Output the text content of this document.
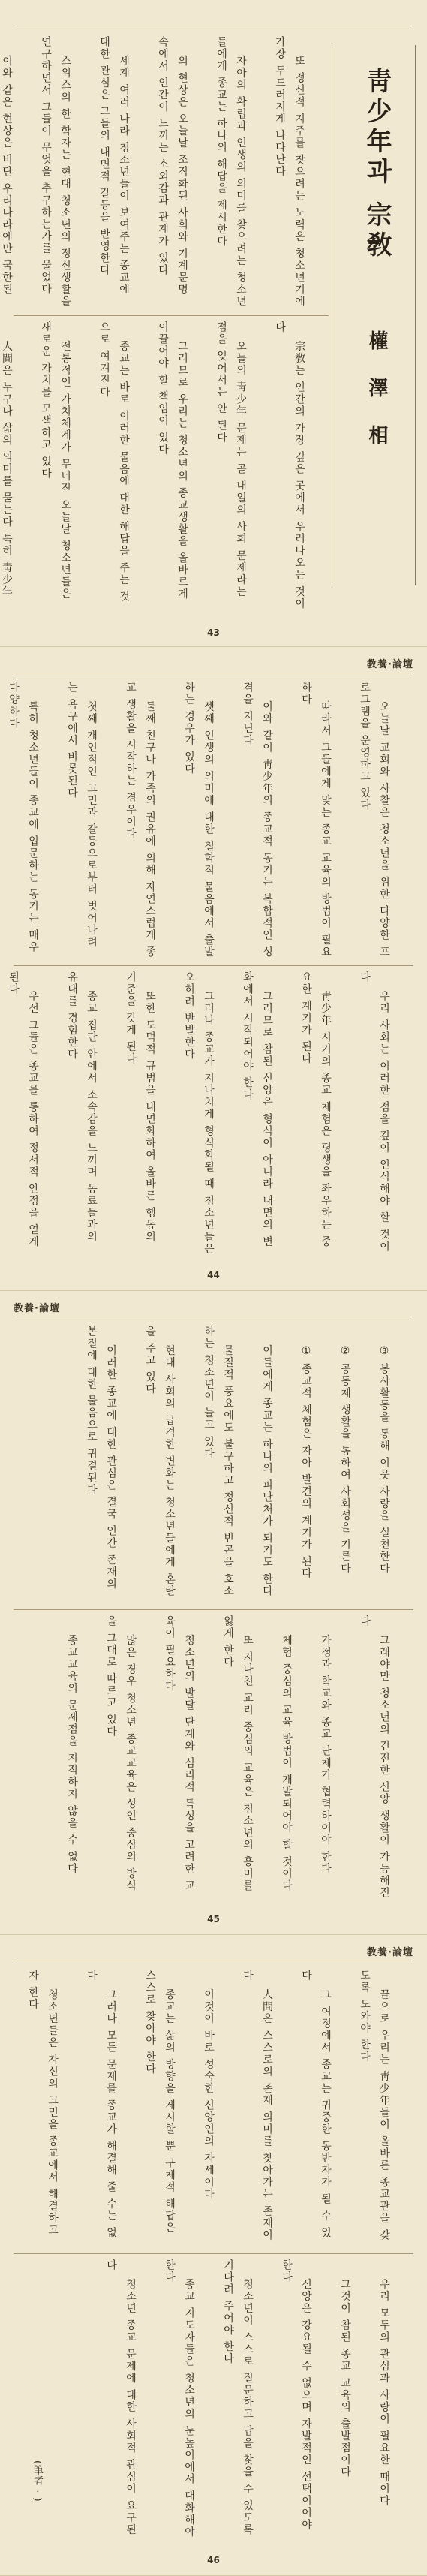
靑少年과 宗敎
權 澤 相

또 정신적 지주를 찾으려는 노력은 청소년기에 가장 두드러지게 나타난다

자아의 확립과 인생의 의미를 찾으려는 청소년들에게 종교는 하나의 해답을 제시한다

의 현상은 오늘날 조직화된 사회와 기계문명 속에서 인간이 느끼는 소외감과 관계가 있다

세계 여러 나라 청소년들이 보여주는 종교에 대한 관심은 그들의 내면적 갈등을 반영한다

스위스의 한 학자는 현대 청소년의 정신생활을 연구하면서 그들이 무엇을 추구하는가를 물었다

이와 같은 현상은 비단 우리나라에만 국한된

宗敎는 인간의 가장 깊은 곳에서 우러나오는 것이다

오늘의 靑少年 문제는 곧 내일의 사회 문제라는 점을 잊어서는 안 된다

그러므로 우리는 청소년의 종교생활을 올바르게 이끌어야 할 책임이 있다

종교는 바로 이러한 물음에 대한 해답을 주는 것으로 여겨진다

전통적인 가치체계가 무너진 오늘날 청소년들은 새로운 가치를 모색하고 있다

人間은 누구나 삶의 의미를 묻는다 특히 靑少年

43
教養·論壇

오늘날 교회와 사찰은 청소년을 위한 다양한 프로그램을 운영하고 있다

따라서 그들에게 맞는 종교 교육의 방법이 필요하다

이와 같이 靑少年의 종교적 동기는 복합적인 성격을 지닌다

셋째 인생의 의미에 대한 철학적 물음에서 출발하는 경우가 있다

둘째 친구나 가족의 권유에 의해 자연스럽게 종교 생활을 시작하는 경우이다

첫째 개인적인 고민과 갈등으로부터 벗어나려는 욕구에서 비롯된다

특히 청소년들이 종교에 입문하는 동기는 매우 다양하다

우리 사회는 이러한 점을 깊이 인식해야 할 것이다

靑少年 시기의 종교 체험은 평생을 좌우하는 중요한 계기가 된다

그러므로 참된 신앙은 형식이 아니라 내면의 변화에서 시작되어야 한다

그러나 종교가 지나치게 형식화될 때 청소년들은 오히려 반발한다

또한 도덕적 규범을 내면화하여 올바른 행동의 기준을 갖게 된다

종교 집단 안에서 소속감을 느끼며 동료들과의 유대를 경험한다

우선 그들은 종교를 통하여 정서적 안정을 얻게 된다

44
教養·論壇

③ 봉사활동을 통해 이웃 사랑을 실천한다

② 공동체 생활을 통하여 사회성을 기른다

① 종교적 체험은 자아 발견의 계기가 된다

이들에게 종교는 하나의 피난처가 되기도 한다

물질적 풍요에도 불구하고 정신적 빈곤을 호소하는 청소년이 늘고 있다

현대 사회의 급격한 변화는 청소년들에게 혼란을 주고 있다

이러한 종교에 대한 관심은 결국 인간 존재의 본질에 대한 물음으로 귀결된다

그래야만 청소년의 건전한 신앙 생활이 가능해진다

가정과 학교와 종교 단체가 협력하여야 한다

체험 중심의 교육 방법이 개발되어야 할 것이다

또 지나친 교리 중심의 교육은 청소년의 흥미를 잃게 한다

청소년의 발달 단계와 심리적 특성을 고려한 교육이 필요하다

많은 경우 청소년 종교교육은 성인 중심의 방식을 그대로 따르고 있다

종교교육의 문제점을 지적하지 않을 수 없다

45
教養·論壇

끝으로 우리는 靑少年들이 올바른 종교관을 갖도록 도와야 한다

그 여정에서 종교는 귀중한 동반자가 될 수 있다

人間은 스스로의 존재 의미를 찾아가는 존재이다

이것이 바로 성숙한 신앙인의 자세이다

종교는 삶의 방향을 제시할 뿐 구체적 해답은 스스로 찾아야 한다

그러나 모든 문제를 종교가 해결해 줄 수는 없다

청소년들은 자신의 고민을 종교에서 해결하고자 한다

우리 모두의 관심과 사랑이 필요한 때이다

그것이 참된 종교 교육의 출발점이다

신앙은 강요될 수 없으며 자발적인 선택이어야 한다

청소년이 스스로 질문하고 답을 찾을 수 있도록 기다려 주어야 한다

종교 지도자들은 청소년의 눈높이에서 대화해야 한다

청소년 종교 문제에 대한 사회적 관심이 요구된다

(筆者 · )
46
